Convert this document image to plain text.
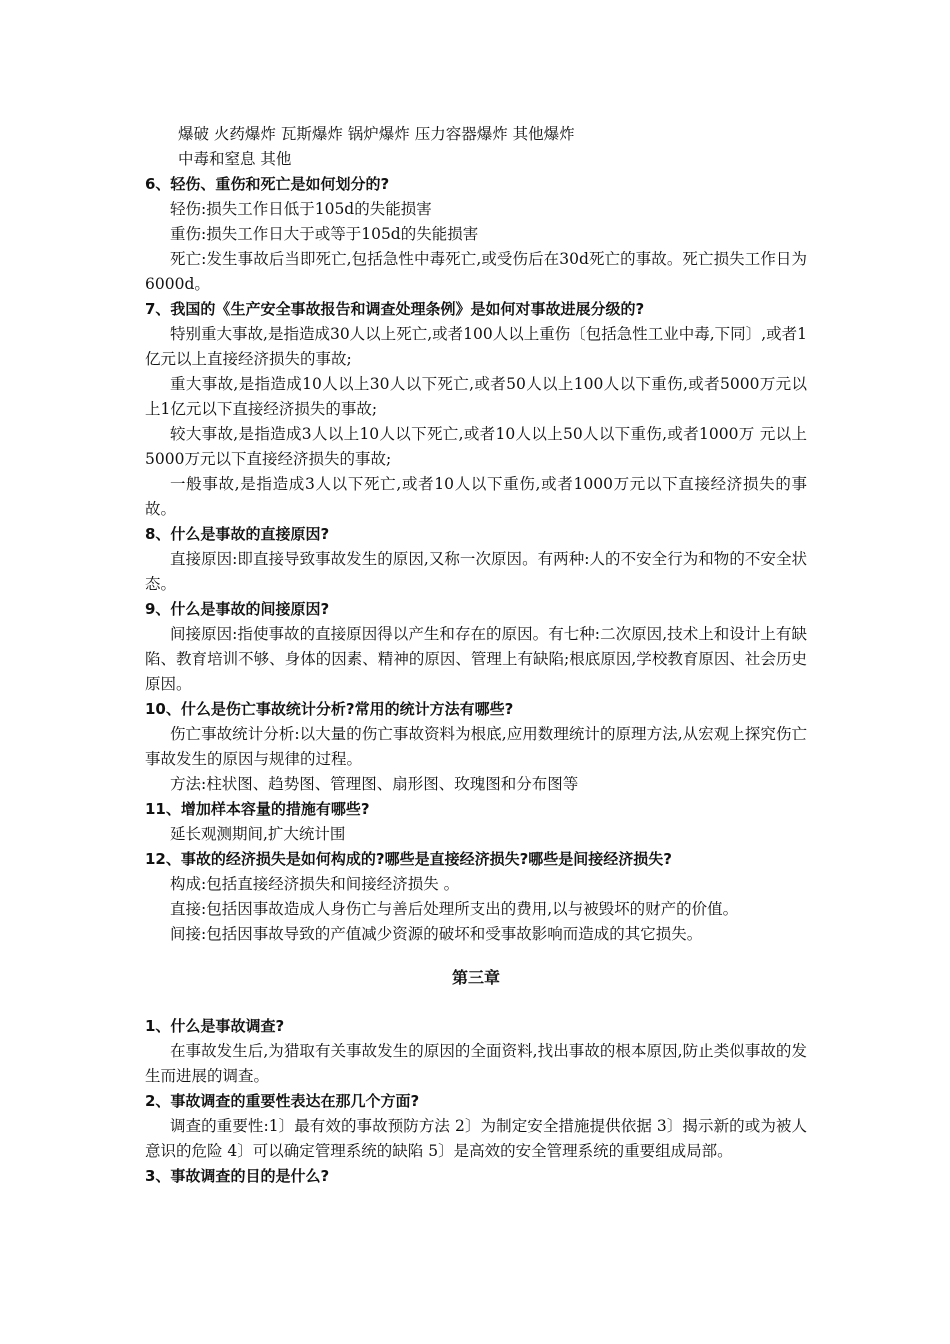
爆破 火药爆炸 瓦斯爆炸 锅炉爆炸 压力容器爆炸 其他爆炸
中毒和窒息 其他
6、轻伤、重伤和死亡是如何划分的?
轻伤:损失工作日低于105d的失能损害
重伤:损失工作日大于或等于105d的失能损害
死亡:发生事故后当即死亡,包括急性中毒死亡,或受伤后在30d死亡的事故。死亡损失工作日为6000d。
7、我国的《生产安全事故报告和调查处理条例》是如何对事故进展分级的?
特别重大事故,是指造成30人以上死亡,或者100人以上重伤〔包括急性工业中毒,下同〕,或者1亿元以上直接经济损失的事故;
重大事故,是指造成10人以上30人以下死亡,或者50人以上100人以下重伤,或者5000万元以上1亿元以下直接经济损失的事故;
较大事故,是指造成3人以上10人以下死亡,或者10人以上50人以下重伤,或者1000万 元以上5000万元以下直接经济损失的事故;
一般事故,是指造成3人以下死亡,或者10人以下重伤,或者1000万元以下直接经济损失的事故。
8、什么是事故的直接原因?
直接原因:即直接导致事故发生的原因,又称一次原因。有两种:人的不安全行为和物的不安全状态。
9、什么是事故的间接原因?
间接原因:指使事故的直接原因得以产生和存在的原因。有七种:二次原因,技术上和设计上有缺陷、教育培训不够、身体的因素、精神的原因、管理上有缺陷;根底原因,学校教育原因、社会历史原因。
10、什么是伤亡事故统计分析?常用的统计方法有哪些?
伤亡事故统计分析:以大量的伤亡事故资料为根底,应用数理统计的原理方法,从宏观上探究伤亡事故发生的原因与规律的过程。
方法:柱状图、趋势图、管理图、扇形图、玫瑰图和分布图等
11、增加样本容量的措施有哪些?
延长观测期间,扩大统计围
12、事故的经济损失是如何构成的?哪些是直接经济损失?哪些是间接经济损失?
构成:包括直接经济损失和间接经济损失 。
直接:包括因事故造成人身伤亡与善后处理所支出的费用,以与被毁坏的财产的价值。
间接:包括因事故导致的产值减少资源的破坏和受事故影响而造成的其它损失。
第三章
1、什么是事故调查?
在事故发生后,为猎取有关事故发生的原因的全面资料,找出事故的根本原因,防止类似事故的发生而进展的调查。
2、事故调查的重要性表达在那几个方面?
调查的重要性:1〕最有效的事故预防方法 2〕为制定安全措施提供依据 3〕揭示新的或为被人意识的危险 4〕可以确定管理系统的缺陷 5〕是高效的安全管理系统的重要组成局部。
3、事故调查的目的是什么?
